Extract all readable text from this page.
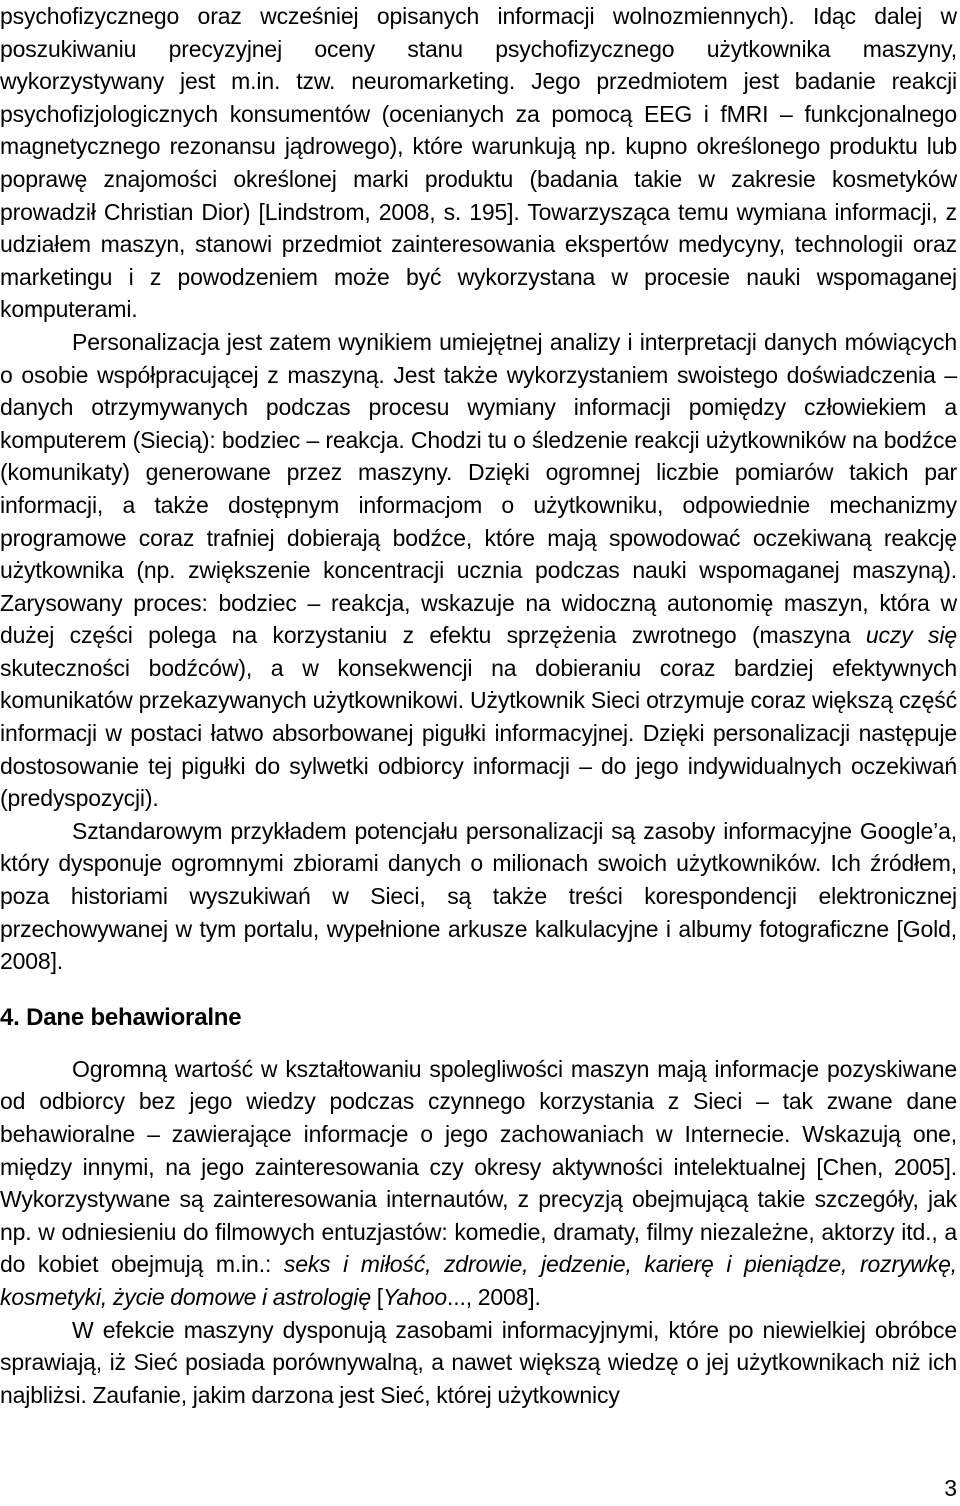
psychofizycznego oraz wcześniej opisanych informacji wolnozmiennych). Idąc dalej w poszukiwaniu precyzyjnej oceny stanu psychofizycznego użytkownika maszyny, wykorzystywany jest m.in. tzw. neuromarketing. Jego przedmiotem jest badanie reakcji psychofizjologicznych konsumentów (ocenianych za pomocą EEG i fMRI – funkcjonalnego magnetycznego rezonansu jądrowego), które warunkują np. kupno określonego produktu lub poprawę znajomości określonej marki produktu (badania takie w zakresie kosmetyków prowadził Christian Dior) [Lindstrom, 2008, s. 195]. Towarzysząca temu wymiana informacji, z udziałem maszyn, stanowi przedmiot zainteresowania ekspertów medycyny, technologii oraz marketingu i z powodzeniem może być wykorzystana w procesie nauki wspomaganej komputerami.

Personalizacja jest zatem wynikiem umiejętnej analizy i interpretacji danych mówiących o osobie współpracującej z maszyną. Jest także wykorzystaniem swoistego doświadczenia – danych otrzymywanych podczas procesu wymiany informacji pomiędzy człowiekiem a komputerem (Siecią): bodziec – reakcja. Chodzi tu o śledzenie reakcji użytkowników na bodźce (komunikaty) generowane przez maszyny. Dzięki ogromnej liczbie pomiarów takich par informacji, a także dostępnym informacjom o użytkowniku, odpowiednie mechanizmy programowe coraz trafniej dobierają bodźce, które mają spowodować oczekiwaną reakcję użytkownika (np. zwiększenie koncentracji ucznia podczas nauki wspomaganej maszyną). Zarysowany proces: bodziec – reakcja, wskazuje na widoczną autonomię maszyn, która w dużej części polega na korzystaniu z efektu sprzężenia zwrotnego (maszyna uczy się skuteczności bodźców), a w konsekwencji na dobieraniu coraz bardziej efektywnych komunikatów przekazywanych użytkownikowi. Użytkownik Sieci otrzymuje coraz większą część informacji w postaci łatwo absorbowanej pigułki informacyjnej. Dzięki personalizacji następuje dostosowanie tej pigułki do sylwetki odbiorcy informacji – do jego indywidualnych oczekiwań (predyspozycji).

Sztandarowym przykładem potencjału personalizacji są zasoby informacyjne Google’a, który dysponuje ogromnymi zbiorami danych o milionach swoich użytkowników. Ich źródłem, poza historiami wyszukiwań w Sieci, są także treści korespondencji elektronicznej przechowywanej w tym portalu, wypełnione arkusze kalkulacyjne i albumy fotograficzne [Gold, 2008].

4. Dane behawioralne

Ogromną wartość w kształtowaniu spolegliwości maszyn mają informacje pozyskiwane od odbiorcy bez jego wiedzy podczas czynnego korzystania z Sieci – tak zwane dane behawioralne – zawierające informacje o jego zachowaniach w Internecie. Wskazują one, między innymi, na jego zainteresowania czy okresy aktywności intelektualnej [Chen, 2005]. Wykorzystywane są zainteresowania internautów, z precyzją obejmującą takie szczegóły, jak np. w odniesieniu do filmowych entuzjastów: komedie, dramaty, filmy niezależne, aktorzy itd., a do kobiet obejmują m.in.: seks i miłość, zdrowie, jedzenie, karierę i pieniądze, rozrywkę, kosmetyki, życie domowe i astrologię [Yahoo..., 2008].

W efekcie maszyny dysponują zasobami informacyjnymi, które po niewielkiej obróbce sprawiają, iż Sieć posiada porównywalną, a nawet większą wiedzę o jej użytkownikach niż ich najbliżsi. Zaufanie, jakim darzona jest Sieć, której użytkownicy

3
